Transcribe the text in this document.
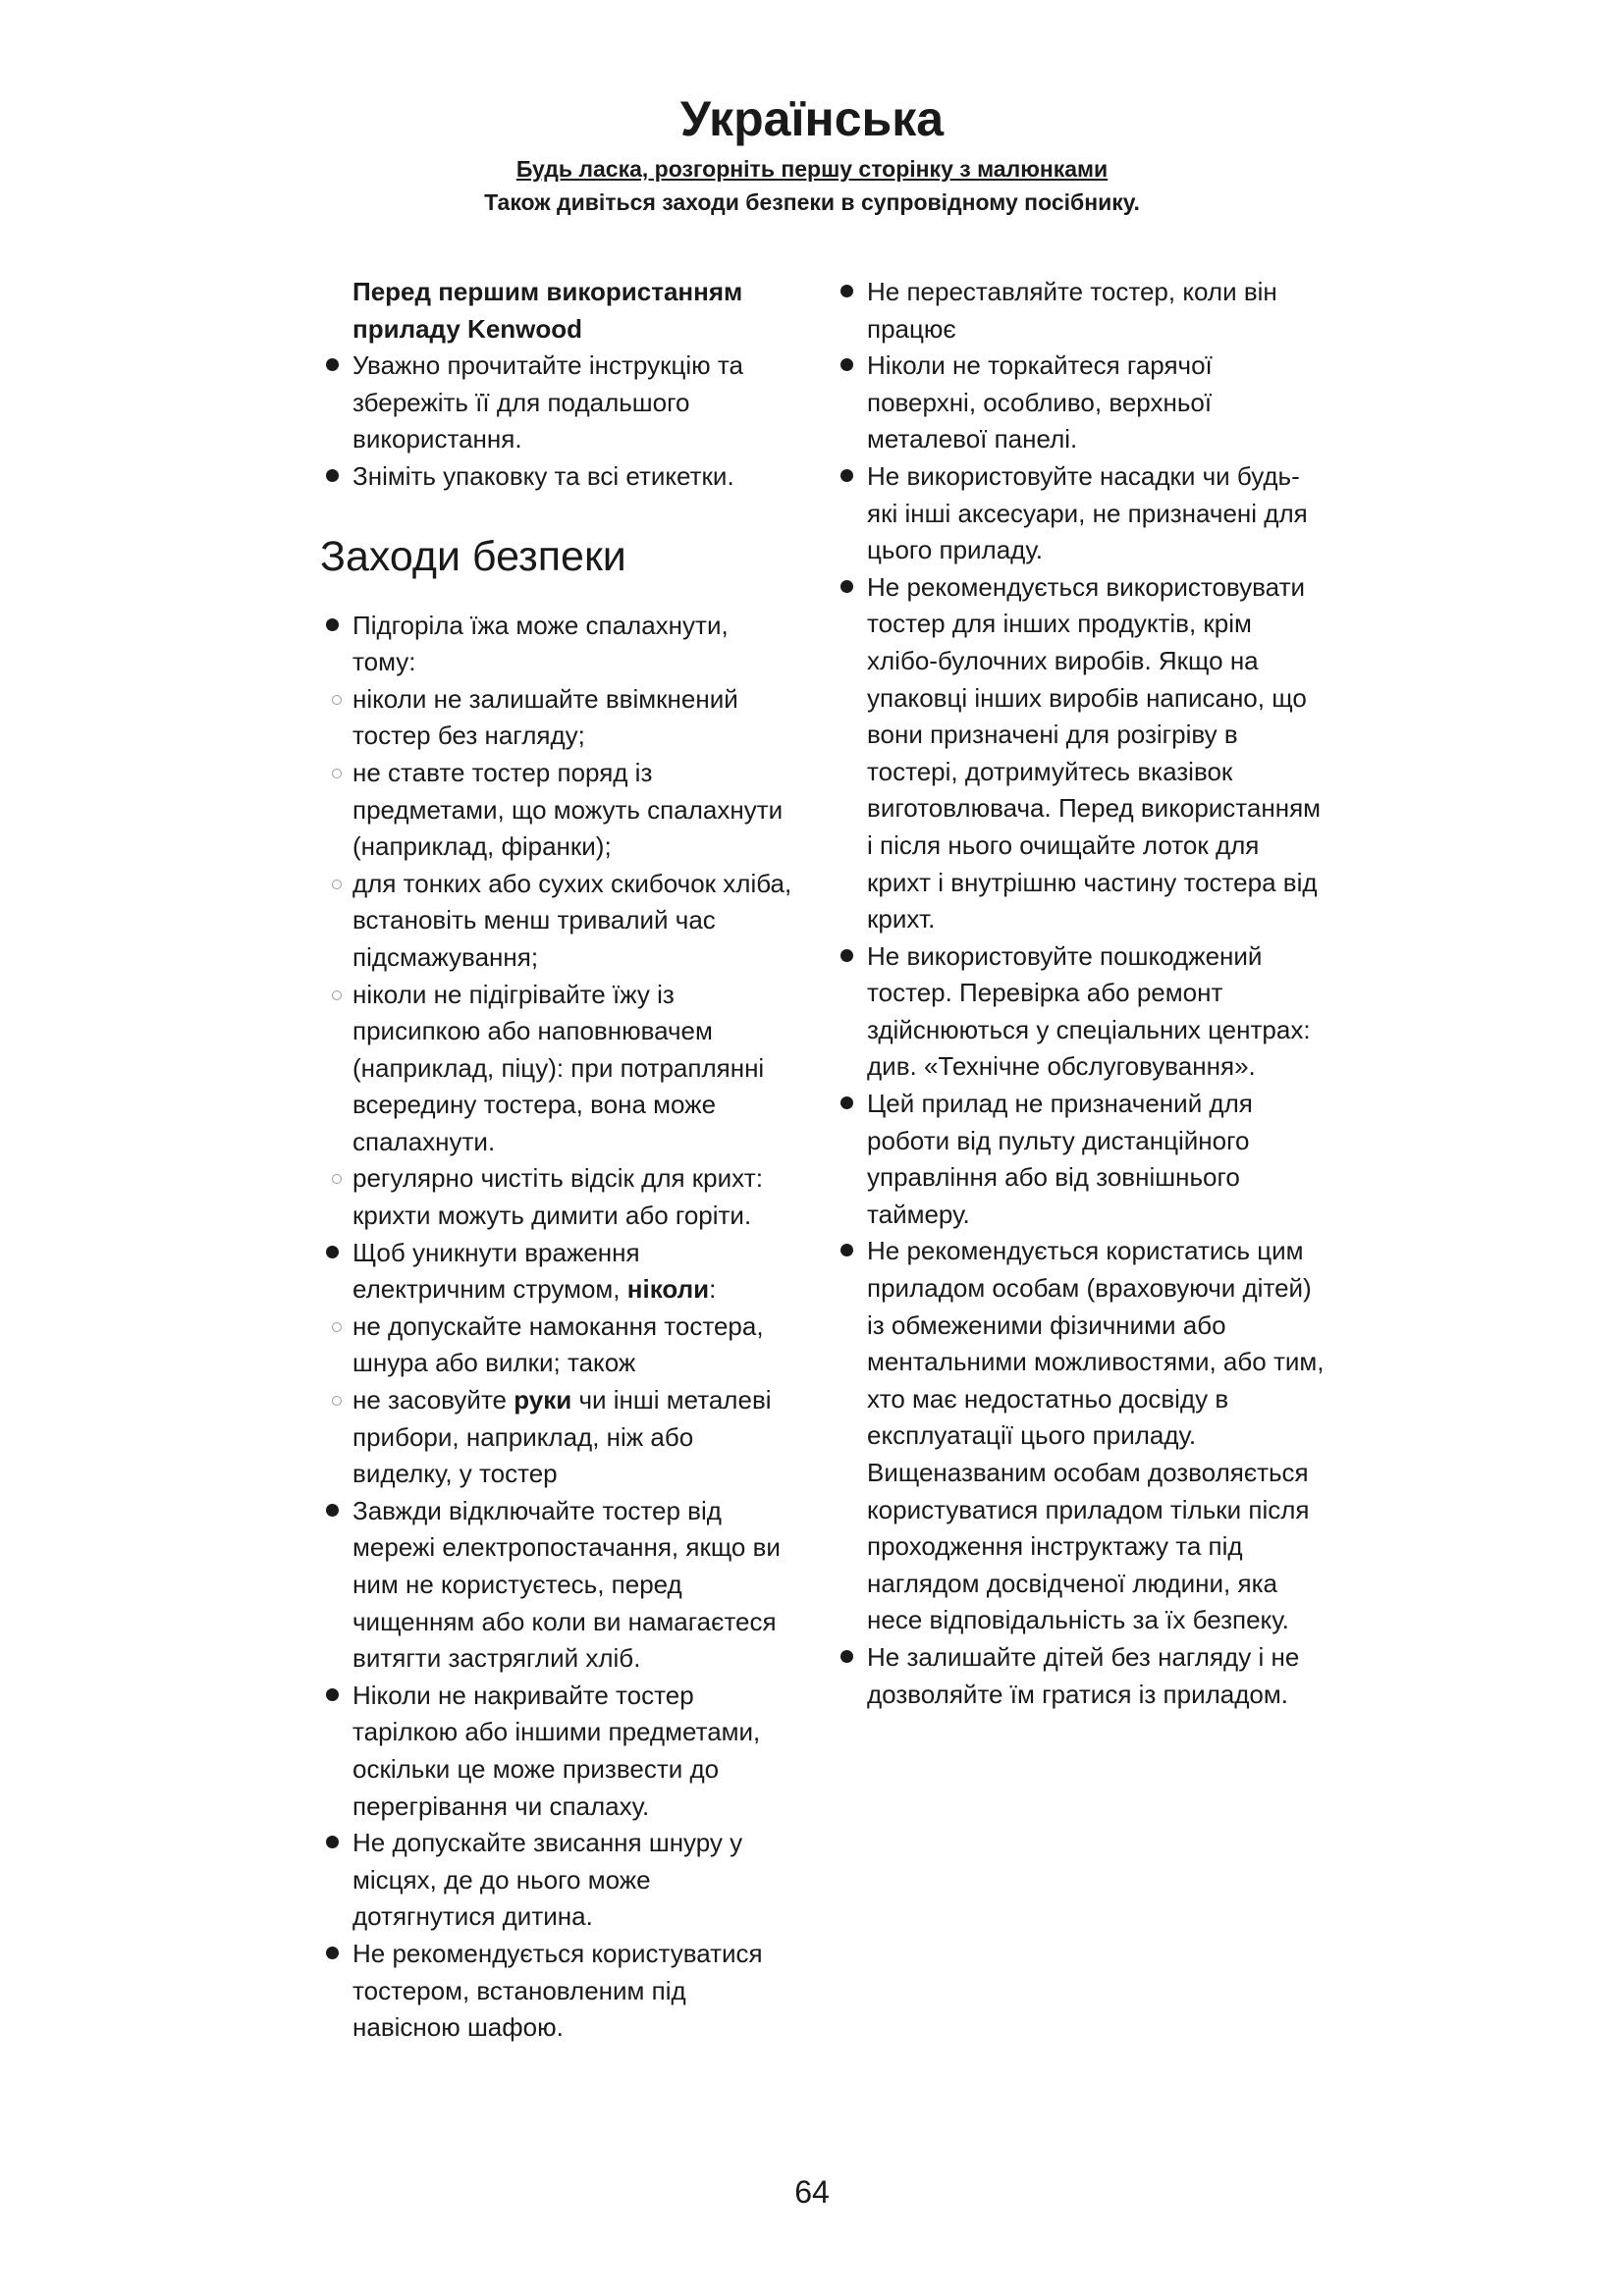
Українська
Будь ласка, розгорніть першу сторінку з малюнками
Також дивіться заходи безпеки в супровідному посібнику.

Перед першим використанням приладу Kenwood

Уважно прочитайте інструкцію та збережіть її для подальшого використання.
Зніміть упаковку та всі етикетки.
Заходи безпеки
Підгоріла їжа може спалахнути, тому:
ніколи не залишайте ввімкнений тостер без нагляду;
не ставте тостер поряд із предметами, що можуть спалахнути (наприклад, фіранки);
для тонких або сухих скибочок хліба, встановіть менш тривалий час підсмажування;
ніколи не підігрівайте їжу із присипкою або наповнювачем (наприклад, піцу): при потраплянні всередину тостера, вона може спалахнути.
регулярно чистіть відсік для крихт: крихти можуть димити або горіти.
Щоб уникнути враження електричним струмом, ніколи:
не допускайте намокання тостера, шнура або вилки; також
не засовуйте руки чи інші металеві прибори, наприклад, ніж або виделку, у тостер
Завжди відключайте тостер від мережі електропостачання, якщо ви ним не користуєтесь, перед чищенням або коли ви намагаєтеся витягти застряглий хліб.
Ніколи не накривайте тостер тарілкою або іншими предметами, оскільки це може призвести до перегрівання чи спалаху.
Не допускайте звисання шнуру у місцях, де до нього може дотягнутися дитина.
Не рекомендується користуватися тостером, встановленим під навісною шафою.
Не переставляйте тостер, коли він працює
Ніколи не торкайтеся гарячої поверхні, особливо, верхньої металевої панелі.
Не використовуйте насадки чи будь-які інші аксесуари, не призначені для цього приладу.
Не рекомендується використовувати тостер для інших продуктів, крім хлібо-булочних виробів. Якщо на упаковці інших виробів написано, що вони призначені для розігріву в тостері, дотримуйтесь вказівок виготовлювача. Перед використанням і після нього очищайте лоток для крихт і внутрішню частину тостера від крихт.
Не використовуйте пошкоджений тостер. Перевірка або ремонт здійснюються у спеціальних центрах: див. «Технічне обслуговування».
Цей прилад не призначений для роботи від пульту дистанційного управління або від зовнішнього таймеру.
Не рекомендується користатись цим приладом особам (враховуючи дітей) із обмеженими фізичними або ментальними можливостями, або тим, хто має недостатньо досвіду в експлуатації цього приладу. Вищеназваним особам дозволяється користуватися приладом тільки після проходження інструктажу та під наглядом досвідченої людини, яка несе відповідальність за їх безпеку.
Не залишайте дітей без нагляду і не дозволяйте їм гратися із приладом.
64
